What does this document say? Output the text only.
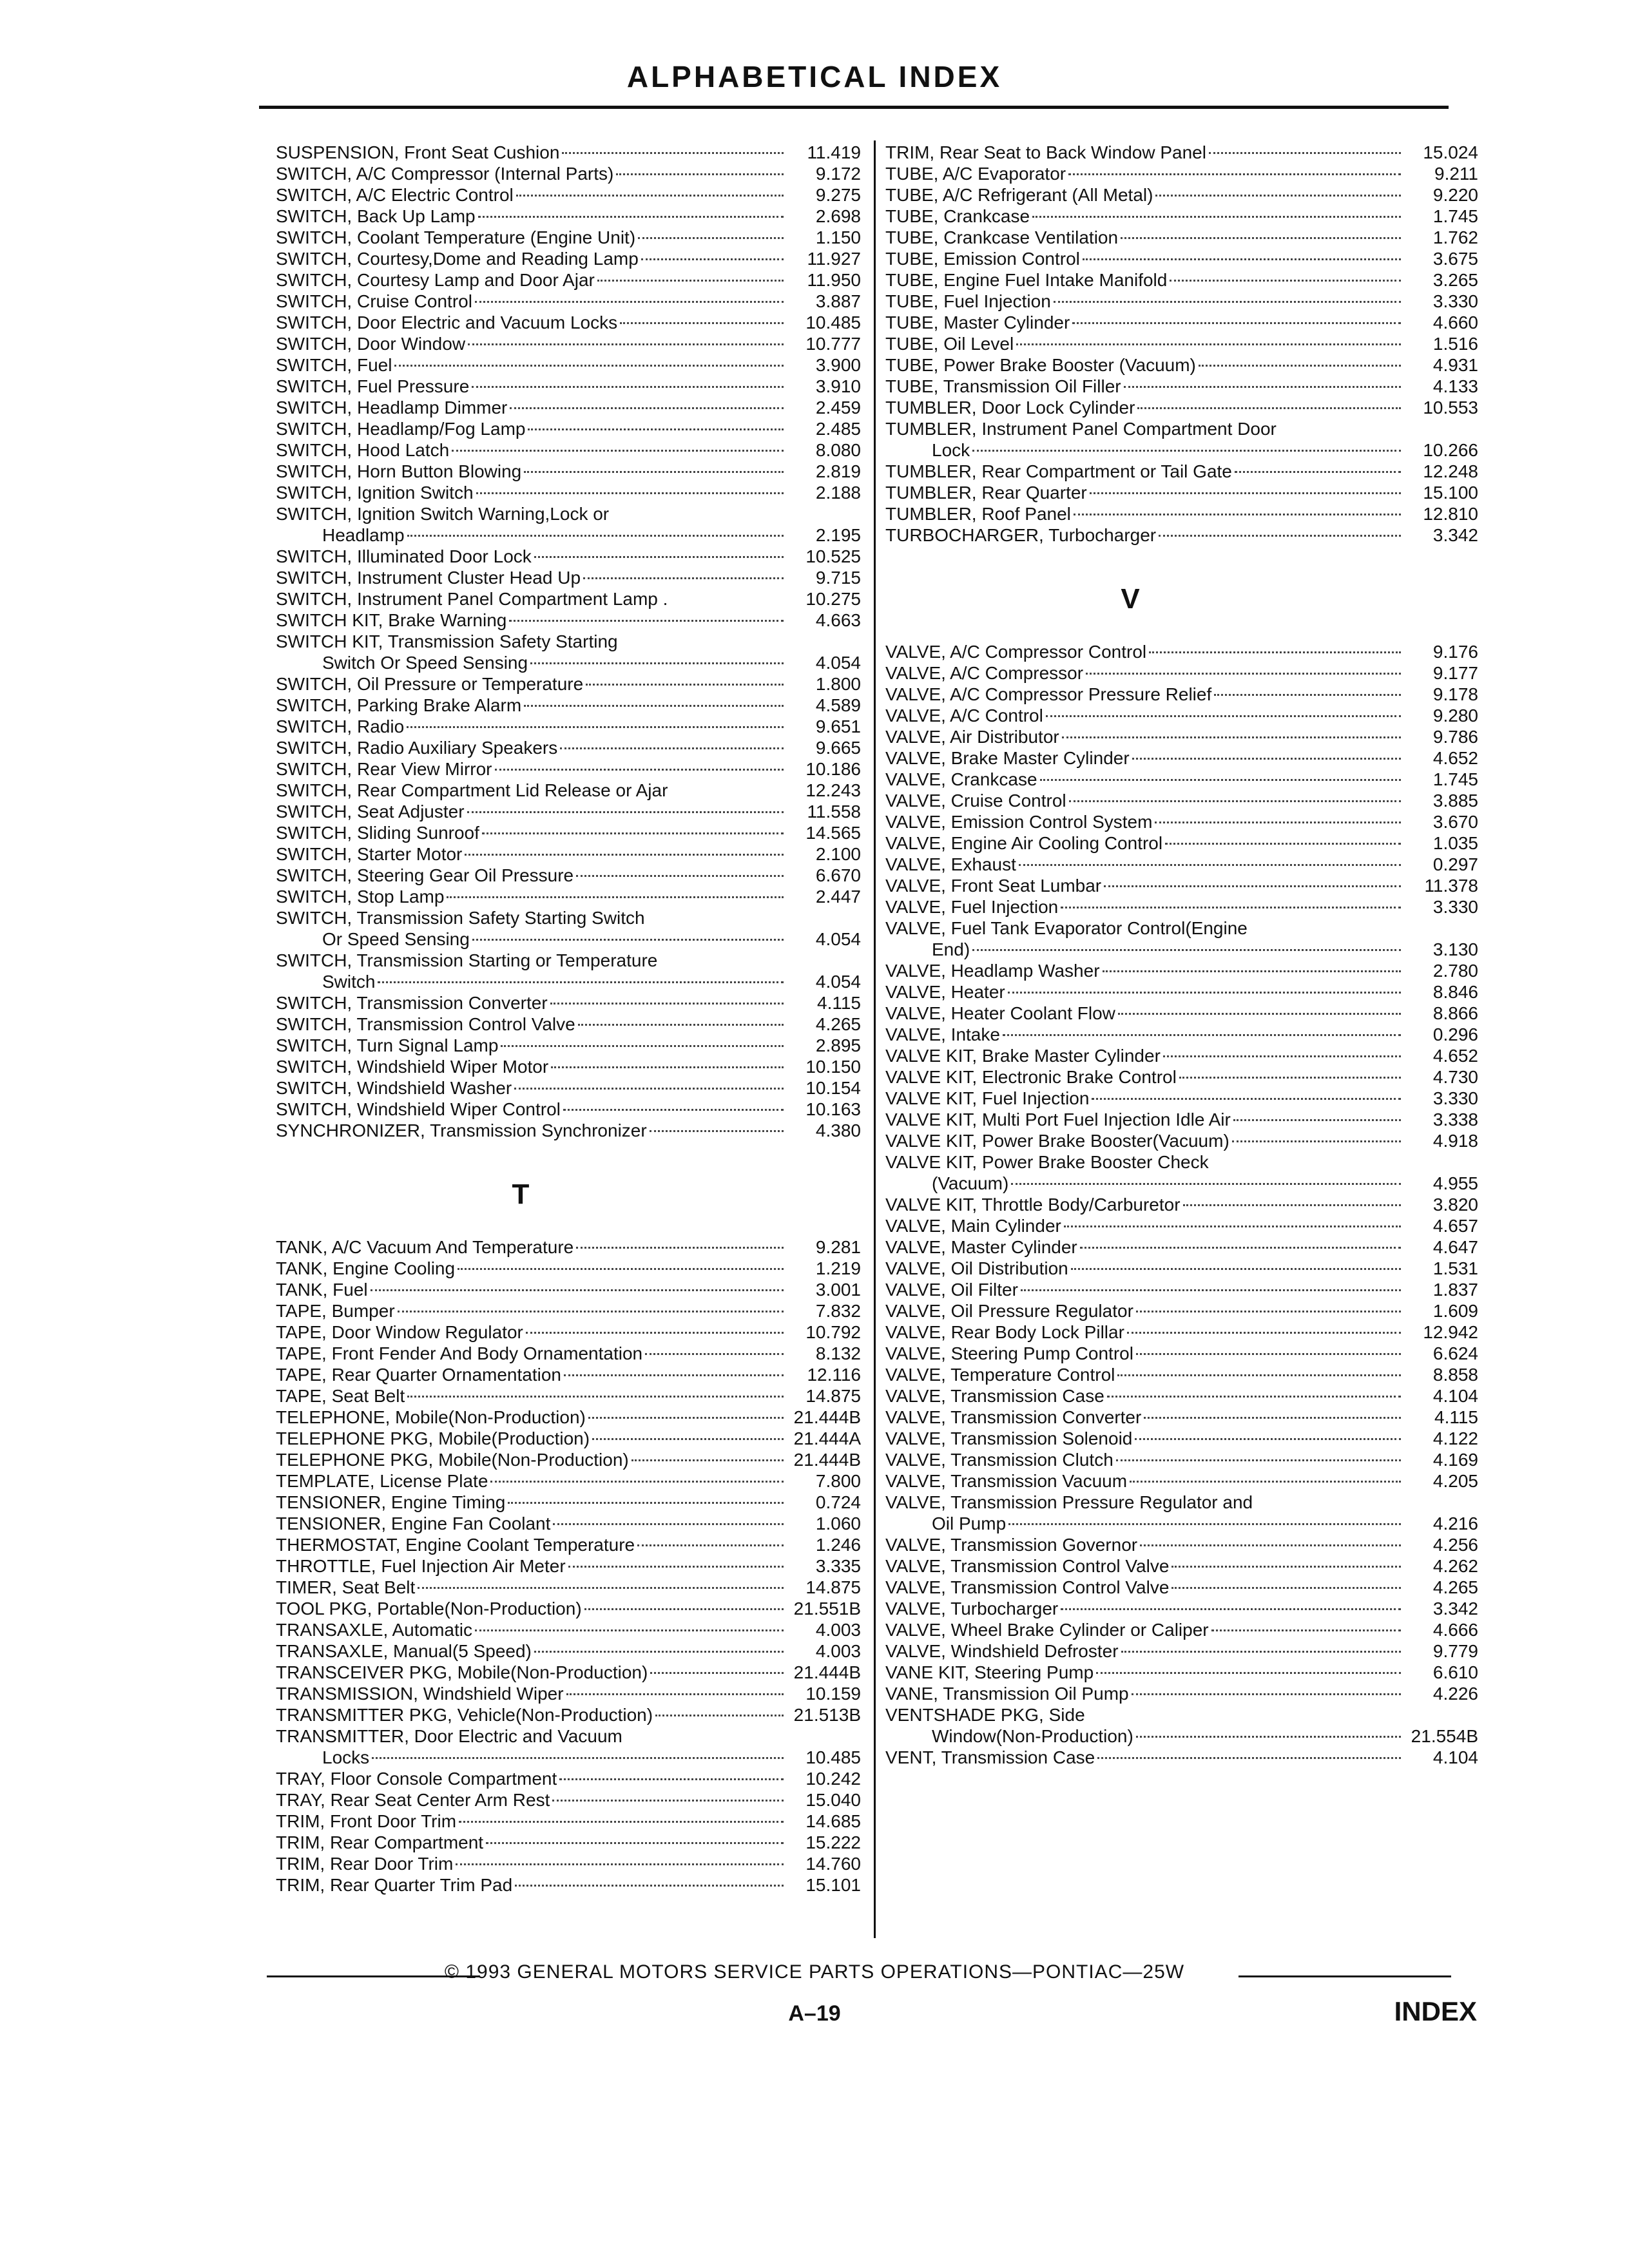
ALPHABETICAL INDEX
SUSPENSION, Front Seat Cushion	11.419
SWITCH, A/C Compressor (Internal Parts)	9.172
SWITCH, A/C Electric Control	9.275
SWITCH, Back Up Lamp	2.698
SWITCH, Coolant Temperature (Engine Unit)	1.150
SWITCH, Courtesy,Dome and Reading Lamp	11.927
SWITCH, Courtesy Lamp and Door Ajar	11.950
SWITCH, Cruise Control	3.887
SWITCH, Door Electric and Vacuum Locks	10.485
SWITCH, Door Window	10.777
SWITCH, Fuel	3.900
SWITCH, Fuel Pressure	3.910
SWITCH, Headlamp Dimmer	2.459
SWITCH, Headlamp/Fog Lamp	2.485
SWITCH, Hood Latch	8.080
SWITCH, Horn Button Blowing	2.819
SWITCH, Ignition Switch	2.188
SWITCH, Ignition Switch Warning,Lock or
Headlamp	2.195
SWITCH, Illuminated Door Lock	10.525
SWITCH, Instrument Cluster Head Up	9.715
SWITCH, Instrument Panel Compartment Lamp .	10.275
SWITCH KIT, Brake Warning	4.663
SWITCH KIT, Transmission Safety Starting
Switch Or Speed Sensing	4.054
SWITCH, Oil Pressure or Temperature	1.800
SWITCH, Parking Brake Alarm	4.589
SWITCH, Radio	9.651
SWITCH, Radio Auxiliary Speakers	9.665
SWITCH, Rear View Mirror	10.186
SWITCH, Rear Compartment Lid Release or Ajar	12.243
SWITCH, Seat Adjuster	11.558
SWITCH, Sliding Sunroof	14.565
SWITCH, Starter Motor	2.100
SWITCH, Steering Gear Oil Pressure	6.670
SWITCH, Stop Lamp	2.447
SWITCH, Transmission Safety Starting Switch
Or Speed Sensing	4.054
SWITCH, Transmission Starting or Temperature
Switch	4.054
SWITCH, Transmission Converter	4.115
SWITCH, Transmission Control Valve	4.265
SWITCH, Turn Signal Lamp	2.895
SWITCH, Windshield Wiper Motor	10.150
SWITCH, Windshield Washer	10.154
SWITCH, Windshield Wiper Control	10.163
SYNCHRONIZER, Transmission Synchronizer	4.380
T
TANK, A/C Vacuum And Temperature	9.281
TANK, Engine Cooling	1.219
TANK, Fuel	3.001
TAPE, Bumper	7.832
TAPE, Door Window Regulator	10.792
TAPE, Front Fender And Body Ornamentation	8.132
TAPE, Rear Quarter Ornamentation	12.116
TAPE, Seat Belt	14.875
TELEPHONE, Mobile(Non-Production)	21.444B
TELEPHONE PKG, Mobile(Production)	21.444A
TELEPHONE PKG, Mobile(Non-Production)	21.444B
TEMPLATE, License Plate	7.800
TENSIONER, Engine Timing	0.724
TENSIONER, Engine Fan Coolant	1.060
THERMOSTAT, Engine Coolant Temperature	1.246
THROTTLE, Fuel Injection Air Meter	3.335
TIMER, Seat Belt	14.875
TOOL PKG, Portable(Non-Production)	21.551B
TRANSAXLE, Automatic	4.003
TRANSAXLE, Manual(5 Speed)	4.003
TRANSCEIVER PKG, Mobile(Non-Production)	21.444B
TRANSMISSION, Windshield Wiper	10.159
TRANSMITTER PKG, Vehicle(Non-Production)	21.513B
TRANSMITTER, Door Electric and Vacuum
Locks	10.485
TRAY, Floor Console Compartment	10.242
TRAY, Rear Seat Center Arm Rest	15.040
TRIM, Front Door Trim	14.685
TRIM, Rear Compartment	15.222
TRIM, Rear Door Trim	14.760
TRIM, Rear Quarter Trim Pad	15.101
TRIM, Rear Seat to Back Window Panel	15.024
TUBE, A/C Evaporator	9.211
TUBE, A/C Refrigerant (All Metal)	9.220
TUBE, Crankcase	1.745
TUBE, Crankcase Ventilation	1.762
TUBE, Emission Control	3.675
TUBE, Engine Fuel Intake Manifold	3.265
TUBE, Fuel Injection	3.330
TUBE, Master Cylinder	4.660
TUBE, Oil Level	1.516
TUBE, Power Brake Booster (Vacuum)	4.931
TUBE, Transmission Oil Filler	4.133
TUMBLER, Door Lock Cylinder	10.553
TUMBLER, Instrument Panel Compartment Door
Lock	10.266
TUMBLER, Rear Compartment or Tail Gate	12.248
TUMBLER, Rear Quarter	15.100
TUMBLER, Roof Panel	12.810
TURBOCHARGER, Turbocharger	3.342
V
VALVE, A/C Compressor Control	9.176
VALVE, A/C Compressor	9.177
VALVE, A/C Compressor Pressure Relief	9.178
VALVE, A/C Control	9.280
VALVE, Air Distributor	9.786
VALVE, Brake Master Cylinder	4.652
VALVE, Crankcase	1.745
VALVE, Cruise Control	3.885
VALVE, Emission Control System	3.670
VALVE, Engine Air Cooling Control	1.035
VALVE, Exhaust	0.297
VALVE, Front Seat Lumbar	11.378
VALVE, Fuel Injection	3.330
VALVE, Fuel Tank Evaporator Control(Engine
End)	3.130
VALVE, Headlamp Washer	2.780
VALVE, Heater	8.846
VALVE, Heater Coolant Flow	8.866
VALVE, Intake	0.296
VALVE KIT, Brake Master Cylinder	4.652
VALVE KIT, Electronic Brake Control	4.730
VALVE KIT, Fuel Injection	3.330
VALVE KIT, Multi Port Fuel Injection Idle Air	3.338
VALVE KIT, Power Brake Booster(Vacuum)	4.918
VALVE KIT, Power Brake Booster Check
(Vacuum)	4.955
VALVE KIT, Throttle Body/Carburetor	3.820
VALVE, Main Cylinder	4.657
VALVE, Master Cylinder	4.647
VALVE, Oil Distribution	1.531
VALVE, Oil Filter	1.837
VALVE, Oil Pressure Regulator	1.609
VALVE, Rear Body Lock Pillar	12.942
VALVE, Steering Pump Control	6.624
VALVE, Temperature Control	8.858
VALVE, Transmission Case	4.104
VALVE, Transmission Converter	4.115
VALVE, Transmission Solenoid	4.122
VALVE, Transmission Clutch	4.169
VALVE, Transmission Vacuum	4.205
VALVE, Transmission Pressure Regulator and
Oil Pump	4.216
VALVE, Transmission Governor	4.256
VALVE, Transmission Control Valve	4.262
VALVE, Transmission Control Valve	4.265
VALVE, Turbocharger	3.342
VALVE, Wheel Brake Cylinder or Caliper	4.666
VALVE, Windshield Defroster	9.779
VANE KIT, Steering Pump	6.610
VANE, Transmission Oil Pump	4.226
VENTSHADE PKG, Side
Window(Non-Production)	21.554B
VENT, Transmission Case	4.104
© 1993 GENERAL MOTORS SERVICE PARTS OPERATIONS—PONTIAC—25W
A–19	INDEX
